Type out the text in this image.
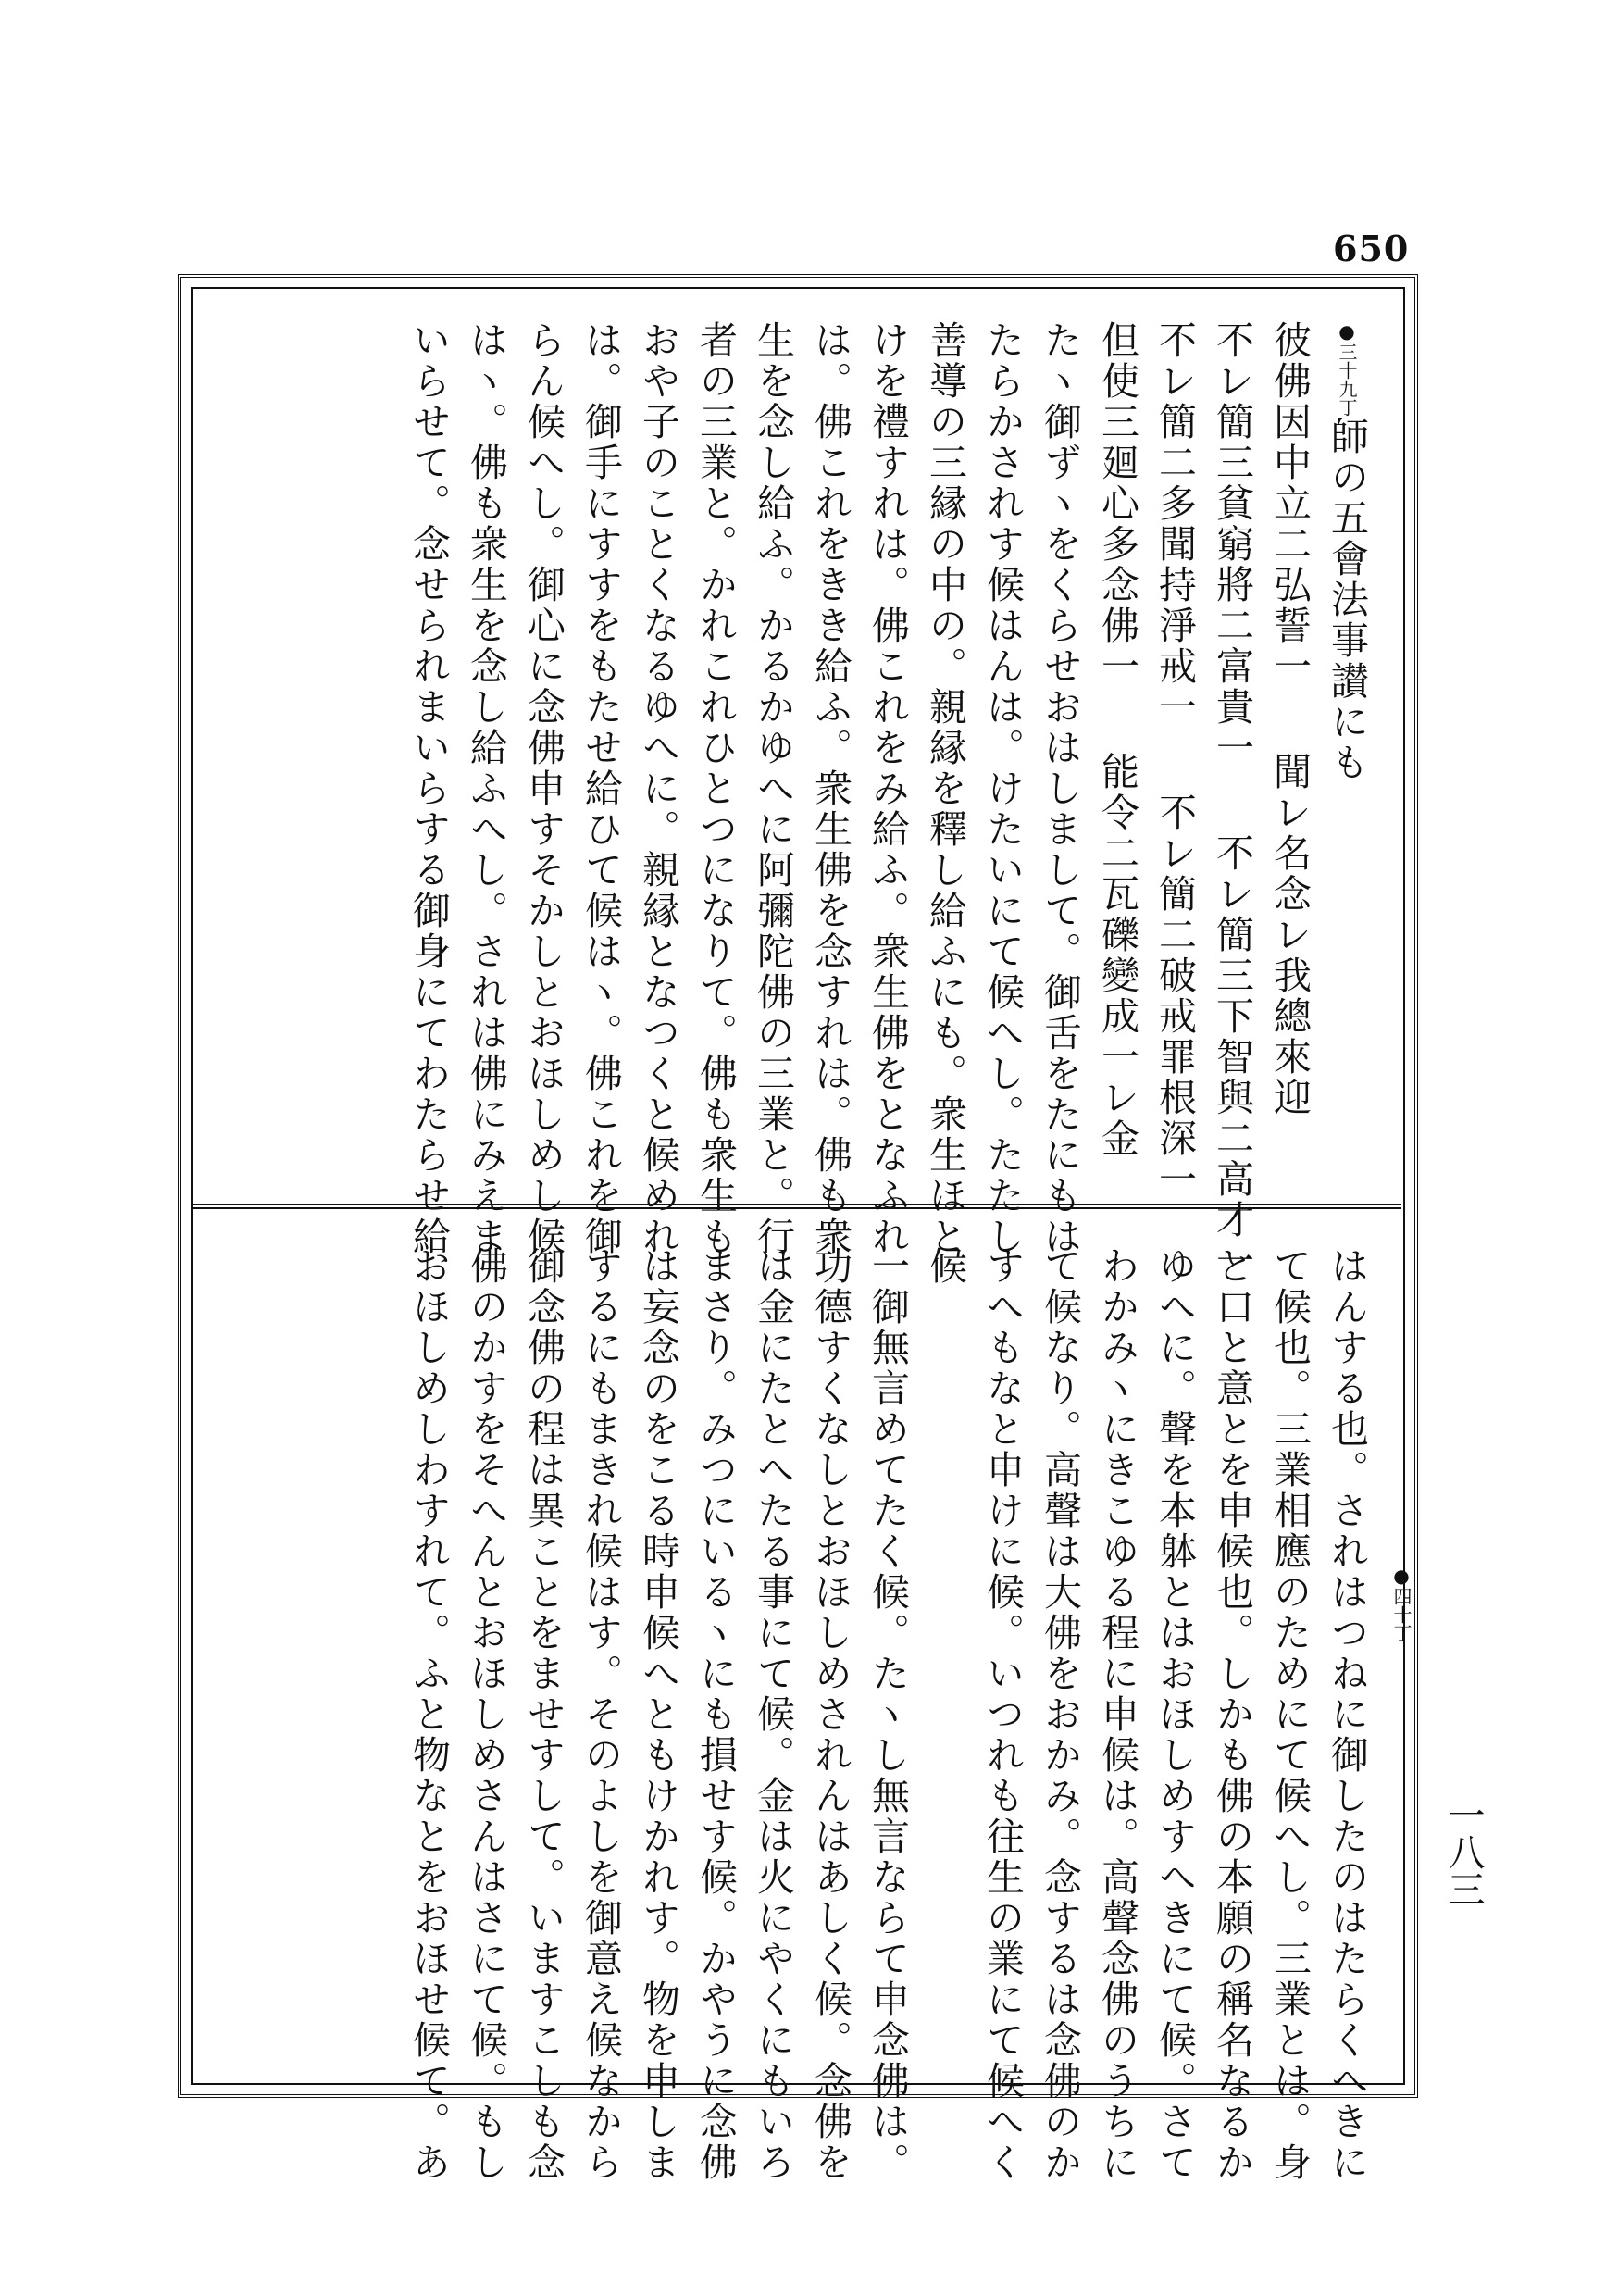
650
一八三
$^{●三十九丁}$師の五會法事讃にも
彼佛因中立二弘誓一聞レ名念レ我總來迎
不レ簡三貧窮將二富貴一不レ簡三下智與二高才一
不レ簡二多聞持淨戒一不レ簡二破戒罪根深一
但使三廻心多念佛一能令二瓦礫變成一レ金
たヽ御ずヽをくらせおはしまして。御舌をたにもは
たらかされす候はんは。けたいにて候へし。たたし
善導の三縁の中の。親縁を釋し給ふにも。衆生ほと
けを禮すれは。佛これをみ給ふ。衆生佛をとなふれ
は。佛これをきき給ふ。衆生佛を念すれは。佛も衆
生を念し給ふ。かるかゆへに阿彌陀佛の三業と。行
者の三業と。かれこれひとつになりて。佛も衆生も
おや子のことくなるゆへに。親縁となつくと候めれ
は。御手にすすをもたせ給ひて候はヽ。佛これを御
らん候へし。御心に念佛申すそかしとおほしめし候
はヽ。佛も衆生を念し給ふへし。されは佛にみえま
いらせて。念せられまいらする御身にてわたらせ給
はんする也。されはつねに御したのはたらくへきに
て候也。三業相應のためにて候へし。三業とは。身
と口と意とを申候也。しかも佛の本願の稱名なるか
ゆへに。聲を本躰とはおほしめすへきにて候。さて
わかみヽにきこゆる程に申候は。高聲念佛のうちに
て候なり。高聲は大佛をおかみ。念するは念佛のか
すへもなと申けに候。いつれも往生の業にて候へく
候
一御無言めてたく候。たヽし無言ならて申念佛は。
功德すくなしとおほしめされんはあしく候。念佛を
は金にたとへたる事にて候。金は火にやくにもいろ
まさり。みつにいるヽにも損せす候。かやうに念佛
は妄念のをこる時申候へともけかれす。物を申しま
するにもまきれ候はす。そのよしを御意え候なから
御念佛の程は異ことをませすして。いますこしも念
佛のかすをそへんとおほしめさんはさにて候。もし
おほしめしわすれて。ふと物なとをおほせ候て。あ	●四十丁
